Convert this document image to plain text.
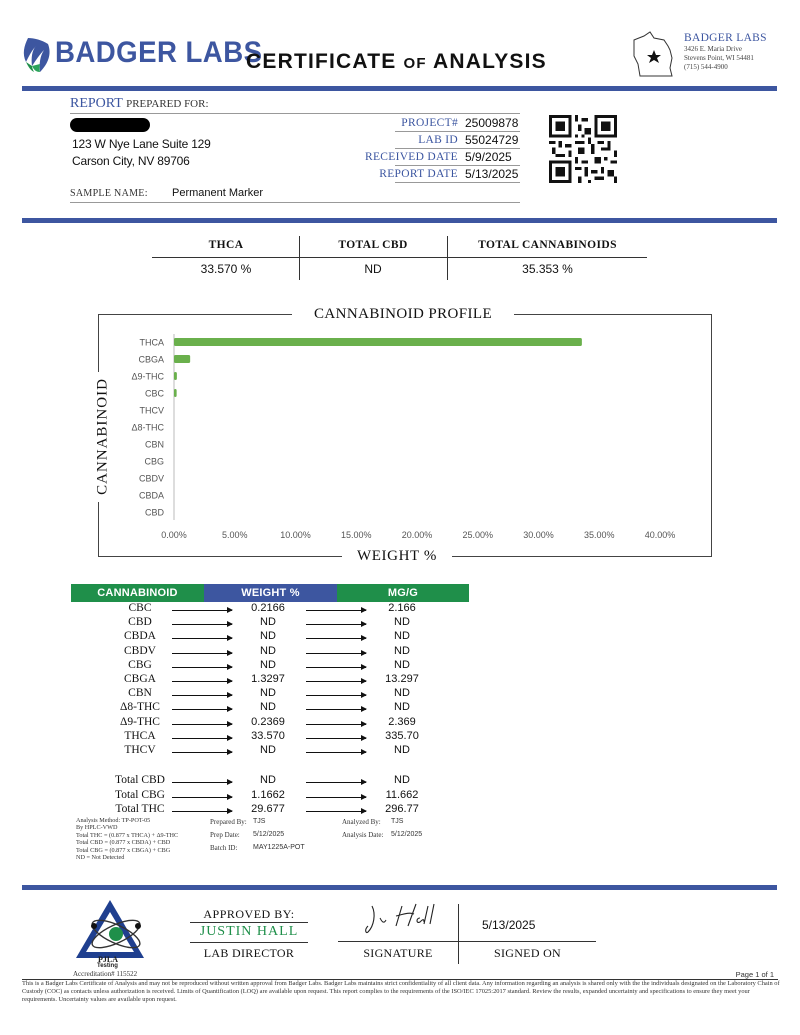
BADGER LABS
CERTIFICATE OF ANALYSIS
BADGER LABS
3426 E. Maria Drive
Stevens Point, WI 54481
(715) 544-4900
REPORT PREPARED FOR:
123 W Nye Lane Suite 129
Carson City, NV 89706
PROJECT# 25009878
LAB ID 55024729
RECEIVED DATE 5/9/2025
REPORT DATE 5/13/2025
SAMPLE NAME: Permanent Marker
THCA	TOTAL CBD	TOTAL CANNABINOIDS
33.570 %	ND	35.353 %
CANNABINOID PROFILE
WEIGHT %
CANNABINOID
THCA
CBGA
Δ9-THC
CBC
THCV
Δ8-THC
CBN
CBG
CBDV
CBDA
CBD
0.00%	5.00%	10.00%	15.00%	20.00%	25.00%	30.00%	35.00%	40.00%
CANNABINOID	WEIGHT %	MG/G
CBC	0.2166	2.166
CBD	ND	ND
CBDA	ND	ND
CBDV	ND	ND
CBG	ND	ND
CBGA	1.3297	13.297
CBN	ND	ND
Δ8-THC	ND	ND
Δ9-THC	0.2369	2.369
THCA	33.570	335.70
THCV	ND	ND
Total CBD	ND	ND
Total CBG	1.1662	11.662
Total THC	29.677	296.77
Analysis Method: TP-POT-05
By HPLC-VWD
Total THC = (0.877 x THCA) + Δ9-THC
Total CBD = (0.877 x CBDA) + CBD
Total CBG = (0.877 x CBGA) + CBG
ND = Not Detected
Prepared By: TJS
Prep Date: 5/12/2025
Batch ID: MAY1225A-POT
Analyzed By: TJS
Analysis Date: 5/12/2025
PJLA
Testing
Accreditation# 115522
APPROVED BY:
JUSTIN HALL
LAB DIRECTOR	SIGNATURE
5/13/2025
SIGNED ON
Page 1 of 1
This is a Badger Labs Certificate of Analysis and may not be reproduced without written approval from Badger Labs. Badger Labs maintains strict confidentiality of all client data. Any information regarding an analysis is shared only with the the individuals designated on the Laboratory Chain of Custody (COC) as contacts unless authorization is received. Limits of Quantification (LOQ) are available upon request. This report complies to the requirements of the ISO/IEC 17025:2017 standard. Review the results, expanded uncertainty and specifications to ensure they meet your requirements. Uncertainty values are available upon request.
